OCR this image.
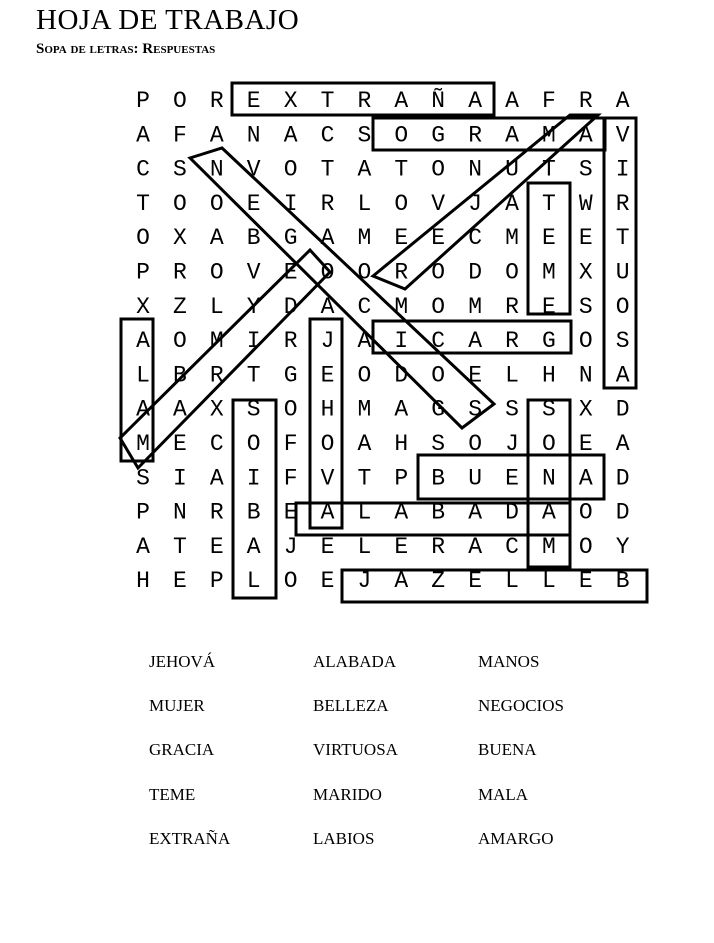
HOJA DE TRABAJO
Sopa de letras: Respuestas
P O R E X T R A Ñ A A F R A
A F A N A C S O G R A M A V
C S N V O T A T O N U T S I
T O O E I R L O V J A T W R
O X A B G A M E E C M E E T
P R O V E O O R O D O M X U
X Z L Y D A C M O M R E S O
A O M I R J A I C A R G O S
L B R T G E O D O E L H N A
A A X S O H M A G S S S X D
M E C O F O A H S O J O E A
S I A I F V T P B U E N A D
P N R B E A L A B A D A O D
A T E A J E L E R A C M O Y
H E P L O E J A Z E L L E B
JEHOVÁ	ALABADA	MANOS
MUJER	BELLEZA	NEGOCIOS
GRACIA	VIRTUOSA	BUENA
TEME	MARIDO	MALA
EXTRAÑA	LABIOS	AMARGO
